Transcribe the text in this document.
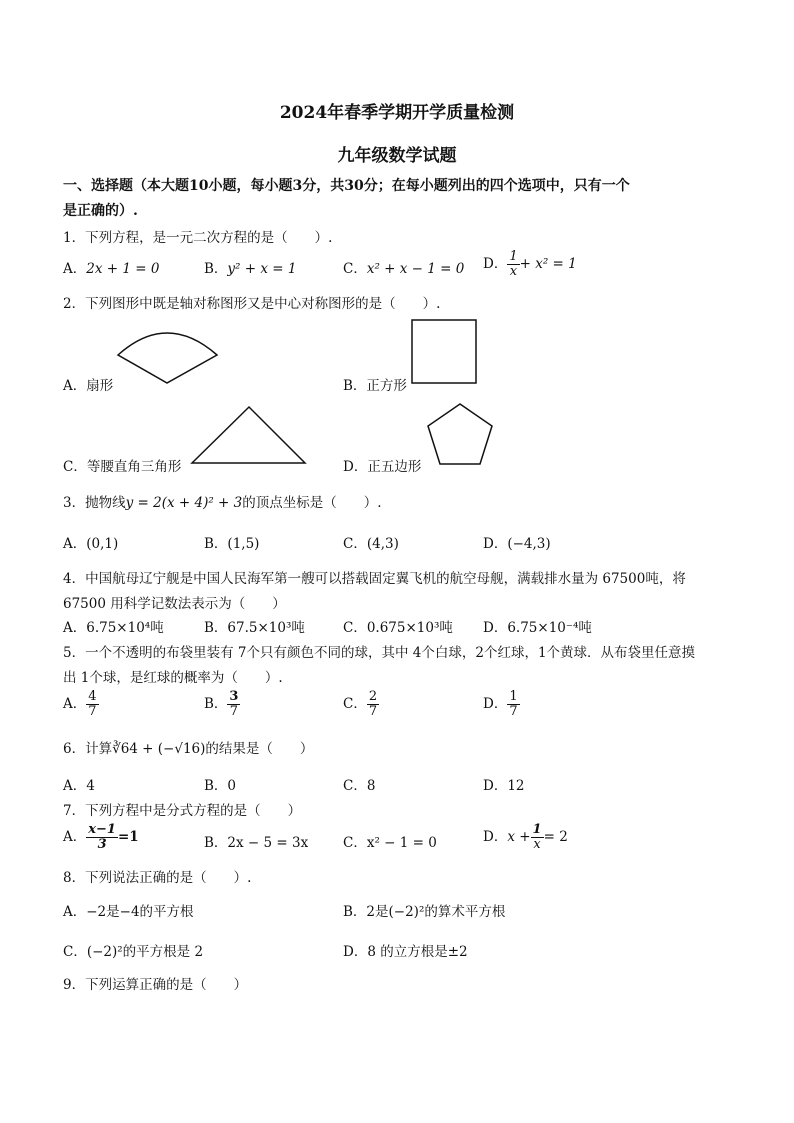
2024年春季学期开学质量检测
九年级数学试题
一、选择题（本大题10小题，每小题3分，共30分；在每小题列出的四个选项中，只有一个
是正确的）.
1．下列方程，是一元二次方程的是（　　）.
A．2x + 1 = 0	B．y² + x = 1	C．x² + x − 1 = 0 D． $\frac{1}{x} + x^2 = 1$
2．下列图形中既是轴对称图形又是中心对称图形的是（　　）.
A．扇形	B．正方形
C．等腰直角三角形	D．正五边形
3．抛物线y = 2(x + 4)² + 3的顶点坐标是（　　）.
A．(0,1)	B．(1,5)	C．(4,3)	D．(−4,3)
4．中国航母辽宁舰是中国人民海军第一艘可以搭载固定翼飞机的航空母舰，满载排水量为 67500吨，将
67500 用科学记数法表示为（　　）
A．6.75×10⁴吨	B．67.5×10³吨	C．0.675×10³吨 D．6.75×10⁻⁴吨
5．一个不透明的布袋里装有 7个只有颜色不同的球，其中 4个白球，2个红球，1个黄球．从布袋里任意摸
出 1个球，是红球的概率为（　　）.
A． $\frac{4}{7}$	B． $\frac{3}{7}$	C． $\frac{2}{7}$	D． $\frac{1}{7}$
6．计算∛64 + (−√16)的结果是（　　）
A．4	B．0	C．8	D．12
7．下列方程中是分式方程的是（　　）
A． $\frac{x-1}{3} =1$	B．2x − 5 = 3x	C．x² − 1 = 0	D．$x + \frac{1}{x} = 2$
8．下列说法正确的是（　　）.
A．−2是−4的平方根	B．2是(−2)²的算术平方根
C．(−2)²的平方根是 2	D．8 的立方根是±2
9．下列运算正确的是（　　）
